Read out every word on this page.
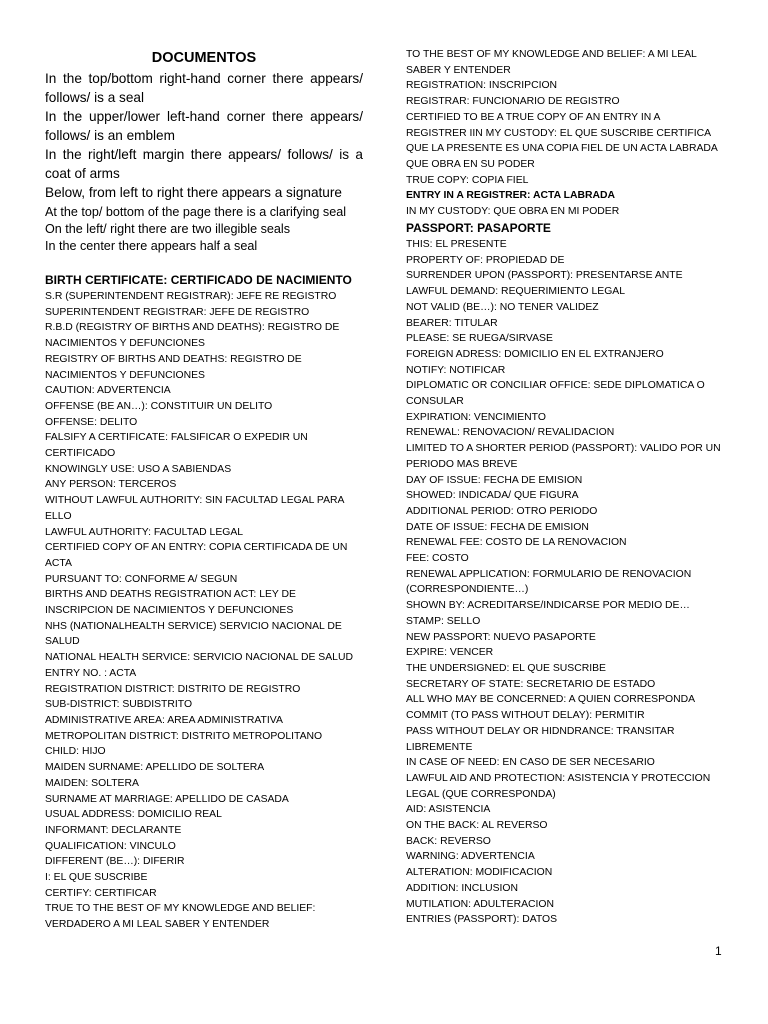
DOCUMENTOS
In the top/bottom right-hand corner there appears/ follows/ is a seal
In the upper/lower left-hand corner there appears/ follows/ is an emblem
In the right/left margin there appears/ follows/ is a coat of arms
Below, from left to right there appears a signature
At the top/ bottom of the page there is a clarifying seal
On the left/ right there are two illegible seals
In the center there appears half a seal
BIRTH CERTIFICATE: CERTIFICADO DE NACIMIENTO
S.R (SUPERINTENDENT REGISTRAR): JEFE RE REGISTRO
SUPERINTENDENT REGISTRAR: JEFE DE REGISTRO
R.B.D (REGISTRY OF BIRTHS AND DEATHS): REGISTRO DE NACIMIENTOS Y DEFUNCIONES
REGISTRY OF BIRTHS AND DEATHS: REGISTRO DE NACIMIENTOS Y DEFUNCIONES
CAUTION: ADVERTENCIA
OFFENSE (BE AN…): CONSTITUIR UN DELITO
OFFENSE: DELITO
FALSIFY A CERTIFICATE: FALSIFICAR O EXPEDIR UN CERTIFICADO
KNOWINGLY USE: USO A SABIENDAS
ANY PERSON: TERCEROS
WITHOUT LAWFUL AUTHORITY: SIN FACULTAD LEGAL PARA ELLO
LAWFUL AUTHORITY: FACULTAD LEGAL
CERTIFIED COPY OF AN ENTRY: COPIA CERTIFICADA DE UN ACTA
PURSUANT TO: CONFORME A/ SEGUN
BIRTHS AND DEATHS REGISTRATION ACT: LEY DE INSCRIPCION DE NACIMIENTOS Y DEFUNCIONES
NHS (NATIONALHEALTH SERVICE) SERVICIO NACIONAL DE SALUD
NATIONAL HEALTH SERVICE: SERVICIO NACIONAL DE SALUD
ENTRY NO. : ACTA
REGISTRATION DISTRICT: DISTRITO DE REGISTRO
SUB-DISTRICT: SUBDISTRITO
ADMINISTRATIVE AREA: AREA ADMINISTRATIVA
METROPOLITAN DISTRICT: DISTRITO METROPOLITANO
CHILD: HIJO
MAIDEN SURNAME: APELLIDO DE SOLTERA
MAIDEN: SOLTERA
SURNAME AT MARRIAGE: APELLIDO DE CASADA
USUAL ADDRESS: DOMICILIO REAL
INFORMANT: DECLARANTE
QUALIFICATION: VINCULO
DIFFERENT (BE…): DIFERIR
I: EL QUE SUSCRIBE
CERTIFY: CERTIFICAR
TRUE TO THE BEST OF MY KNOWLEDGE AND BELIEF: VERDADERO A MI LEAL SABER Y ENTENDER
TO THE BEST OF MY KNOWLEDGE AND BELIEF: A MI LEAL SABER Y ENTENDER
REGISTRATION: INSCRIPCION
REGISTRAR: FUNCIONARIO DE REGISTRO
CERTIFIED TO BE A TRUE COPY OF AN ENTRY IN A REGISTRER IIN MY CUSTODY: EL QUE SUSCRIBE CERTIFICA QUE LA PRESENTE ES UNA COPIA FIEL DE UN ACTA LABRADA QUE OBRA EN SU PODER
TRUE COPY: COPIA FIEL
ENTRY IN A REGISTRER: ACTA LABRADA
IN MY CUSTODY: QUE OBRA EN MI PODER
PASSPORT: PASAPORTE
THIS: EL PRESENTE
PROPERTY OF: PROPIEDAD DE
SURRENDER UPON (PASSPORT): PRESENTARSE ANTE
LAWFUL DEMAND: REQUERIMIENTO LEGAL
NOT VALID (BE…): NO TENER VALIDEZ
BEARER: TITULAR
PLEASE: SE RUEGA/SIRVASE
FOREIGN ADRESS: DOMICILIO EN EL EXTRANJERO
NOTIFY: NOTIFICAR
DIPLOMATIC OR CONCILIAR OFFICE: SEDE DIPLOMATICA O CONSULAR
EXPIRATION: VENCIMIENTO
RENEWAL: RENOVACION/ REVALIDACION
LIMITED TO A SHORTER PERIOD (PASSPORT): VALIDO POR UN PERIODO MAS BREVE
DAY OF ISSUE: FECHA DE EMISION
SHOWED: INDICADA/ QUE FIGURA
ADDITIONAL PERIOD: OTRO PERIODO
DATE OF ISSUE: FECHA DE EMISION
RENEWAL FEE: COSTO DE LA RENOVACION
FEE: COSTO
RENEWAL APPLICATION: FORMULARIO DE RENOVACION (CORRESPONDIENTE…)
SHOWN BY: ACREDITARSE/INDICARSE POR MEDIO DE…
STAMP: SELLO
NEW PASSPORT: NUEVO PASAPORTE
EXPIRE: VENCER
THE UNDERSIGNED: EL QUE SUSCRIBE
SECRETARY OF STATE: SECRETARIO DE ESTADO
ALL WHO MAY BE CONCERNED: A QUIEN CORRESPONDA
COMMIT (TO PASS WITHOUT DELAY): PERMITIR
PASS WITHOUT DELAY OR HIDNDRANCE: TRANSITAR LIBREMENTE
IN CASE OF NEED: EN CASO DE SER NECESARIO
LAWFUL AID AND PROTECTION: ASISTENCIA Y PROTECCION LEGAL (QUE CORRESPONDA)
AID: ASISTENCIA
ON THE BACK: AL REVERSO
BACK: REVERSO
WARNING: ADVERTENCIA
ALTERATION: MODIFICACION
ADDITION: INCLUSION
MUTILATION: ADULTERACION
ENTRIES (PASSPORT): DATOS
1
